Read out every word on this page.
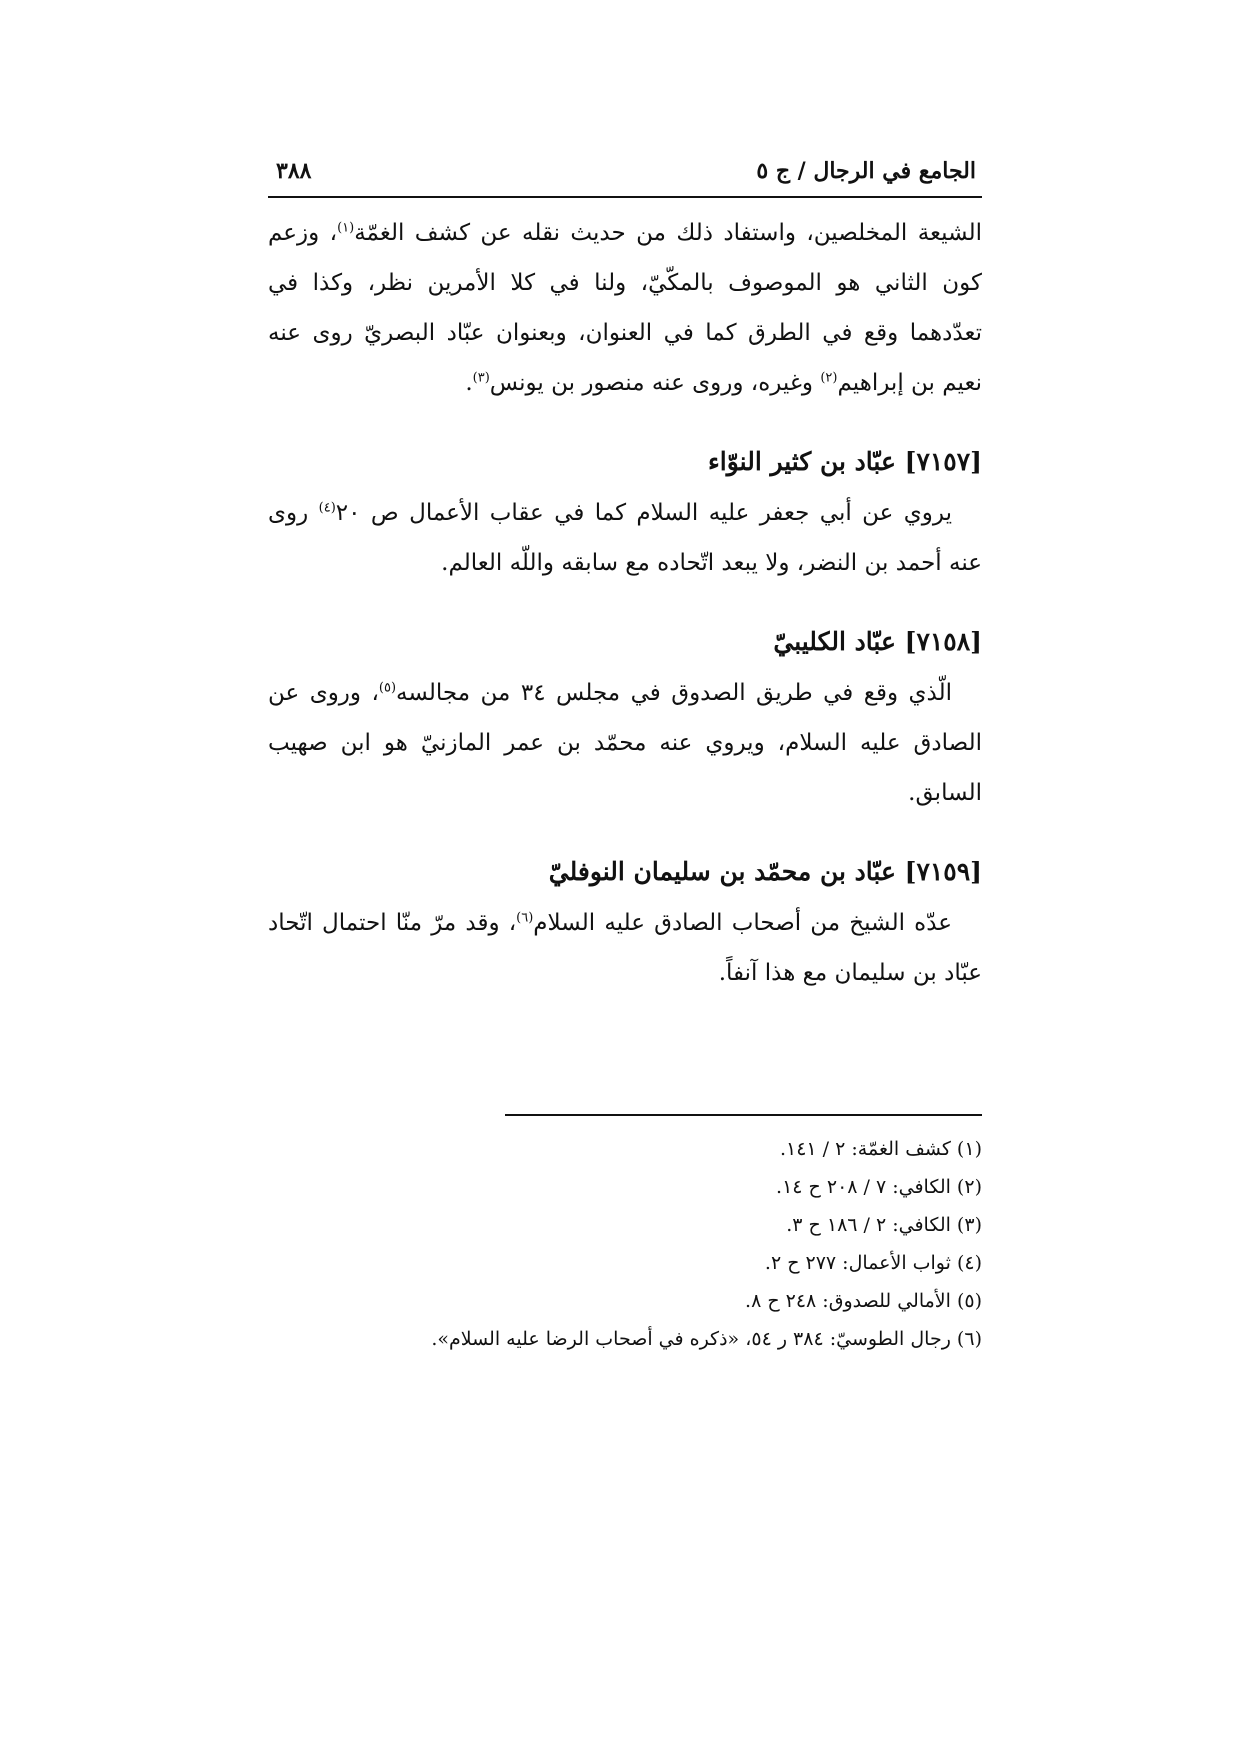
الجامع في الرجال / ج ٥
٣٨٨

الشيعة المخلصين، واستفاد ذلك من حديث نقله عن كشف الغمّة$^{(١)}$، وزعم كون الثاني هو الموصوف بالمكّيّ، ولنا في كلا الأمرين نظر، وكذا في تعدّدهما وقع في الطرق كما في العنوان، وبعنوان عبّاد البصريّ روى عنه نعيم بن إبراهيم$^{(٢)}$ وغيره، وروى عنه منصور بن يونس$^{(٣)}$.

[٧١٥٧] عبّاد بن كثير النوّاء

يروي عن أبي جعفر عليه السلام كما في عقاب الأعمال ص ٢٠$^{(٤)}$ روى عنه أحمد بن النضر، ولا يبعد اتّحاده مع سابقه واللّه العالم.

[٧١٥٨] عبّاد الكليبيّ

الّذي وقع في طريق الصدوق في مجلس ٣٤ من مجالسه$^{(٥)}$، وروى عن الصادق عليه السلام، ويروي عنه محمّد بن عمر المازنيّ هو ابن صهيب السابق.

[٧١٥٩] عبّاد بن محمّد بن سليمان النوفليّ

عدّه الشيخ من أصحاب الصادق عليه السلام$^{(٦)}$، وقد مرّ منّا احتمال اتّحاد عبّاد بن سليمان مع هذا آنفاً.

(١) كشف الغمّة: ٢ / ١٤١.

(٢) الكافي: ٧ / ٢٠٨ ح ١٤.

(٣) الكافي: ٢ / ١٨٦ ح ٣.

(٤) ثواب الأعمال: ٢٧٧ ح ٢.

(٥) الأمالي للصدوق: ٢٤٨ ح ٨.

(٦) رجال الطوسيّ: ٣٨٤ ر ٥٤، «ذكره في أصحاب الرضا عليه السلام».
